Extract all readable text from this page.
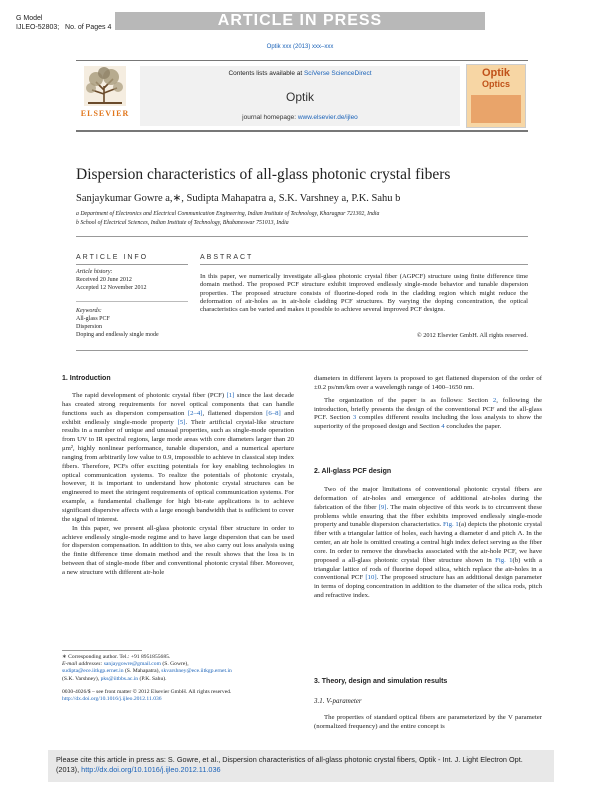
G Model
IJLEO-52803; No. of Pages 4	ARTICLE IN PRESS
Optik xxx (2013) xxx–xxx
ELSEVIER
Contents lists available at SciVerse ScienceDirect
Optik
journal homepage: www.elsevier.de/ijleo
Optik
Optics
Dispersion characteristics of all-glass photonic crystal fibers
Sanjaykumar Gowre a,∗, Sudipta Mahapatra a, S.K. Varshney a, P.K. Sahu b
a Department of Electronics and Electrical Communication Engineering, Indian Institute of Technology, Kharagpur 721302, India
b School of Electrical Sciences, Indian Institute of Technology, Bhubaneswar 751013, India
ARTICLE INFO
Article history:
Received 20 June 2012
Accepted 12 November 2012
Keywords:
All-glass PCF
Dispersion
Doping and endlessly single mode
ABSTRACT
In this paper, we numerically investigate all-glass photonic crystal fiber (AGPCF) structure using finite difference time domain method. The proposed PCF structure exhibit improved endlessly single-mode behavior and tunable dispersion properties. The proposed structure consists of fluorine-doped rods in the cladding region which might reduce the deformation of air-holes as in air-hole cladding PCF structures. By varying the doping concentration, the optical characteristics can be varied and makes it possible to achieve several improved PCF designs.
© 2012 Elsevier GmbH. All rights reserved.
1. Introduction

The rapid development of photonic crystal fiber (PCF) [1] since the last decade has created strong requirements for novel optical components that can handle functions such as dispersion compensation [2–4], flattened dispersion [6–8] and exhibit endlessly single-mode property [5]. Their artificial crystal-like structure results in a number of unique and unusual properties, such as single-mode operation from UV to IR spectral regions, large mode areas with core diameters larger than 20 μm², highly nonlinear performance, tunable dispersion, and a numerical aperture ranging from arbitrarily low value to 0.9, impossible to achieve in classical step index fibers. Therefore, PCFs offer exciting potentials for key enabling technologies in optical communication systems. To realize the potentials of photonic crystals, however, it is important to understand how photonic crystal structures can be engineered to meet the stringent requirements of optical communication systems. For example, a fundamental challenge for high bit-rate applications is to achieve significant dispersive affects with a large enough bandwidth that is sufficient to cover the signal of interest.

In this paper, we present all-glass photonic crystal fiber structure in order to achieve endlessly single-mode regime and to have large dispersion that can be used for dispersion compensation. In addition to this, we also carry out loss analysis using the finite difference time domain method and the result shows that the loss is in between that of single-mode fiber and conventional photonic crystal fiber. Moreover, a new structure with different air-hole

∗ Corresponding author. Tel.: +91 8951855685.
E-mail addresses: sanjaygowre@gmail.com (S. Gowre),
sudipta@ece.iitkgp.ernet.in (S. Mahapatra), skvarshney@ece.iitkgp.ernet.in
(S.K. Varshney), pks@iitbbs.ac.in (P.K. Sahu).
0030-4026/$ – see front matter © 2012 Elsevier GmbH. All rights reserved.
http://dx.doi.org/10.1016/j.ijleo.2012.11.036

diameters in different layers is proposed to get flattened dispersion of the order of ±0.2 ps/nm/km over a wavelength range of 1400–1650 nm.

The organization of the paper is as follows: Section 2, following the introduction, briefly presents the design of the conventional PCF and the all-glass PCF. Section 3 compiles different results including the loss analysis to show the superiority of the proposed design and Section 4 concludes the paper.

2. All-glass PCF design

Two of the major limitations of conventional photonic crystal fibers are deformation of air-holes and emergence of additional air-holes during the fabrication of the fiber [9]. The main objective of this work is to circumvent these problems while ensuring that the fiber exhibits improved endlessly single-mode property and tunable dispersion characteristics. Fig. 1(a) depicts the photonic crystal fiber with a triangular lattice of holes, each having a diameter d and pitch Λ. In the center, an air hole is omitted creating a central high index defect serving as the fiber core. In order to remove the drawbacks associated with the air-hole PCF, we have proposed a all-glass photonic crystal fiber structure shown in Fig. 1(b) with a triangular lattice of rods of fluorine doped silica, which replace the air-holes in a conventional PCF [10]. The proposed structure has an additional design parameter in terms of doping concentration in addition to the diameter of the silica rods, pitch and refractive index.

3. Theory, design and simulation results
3.1. V-parameter

The properties of standard optical fibers are parameterized by the V parameter (normalized frequency) and the entire concept is

Please cite this article in press as: S. Gowre, et al., Dispersion characteristics of all-glass photonic crystal fibers, Optik - Int. J. Light Electron Opt. (2013), http://dx.doi.org/10.1016/j.ijleo.2012.11.036
